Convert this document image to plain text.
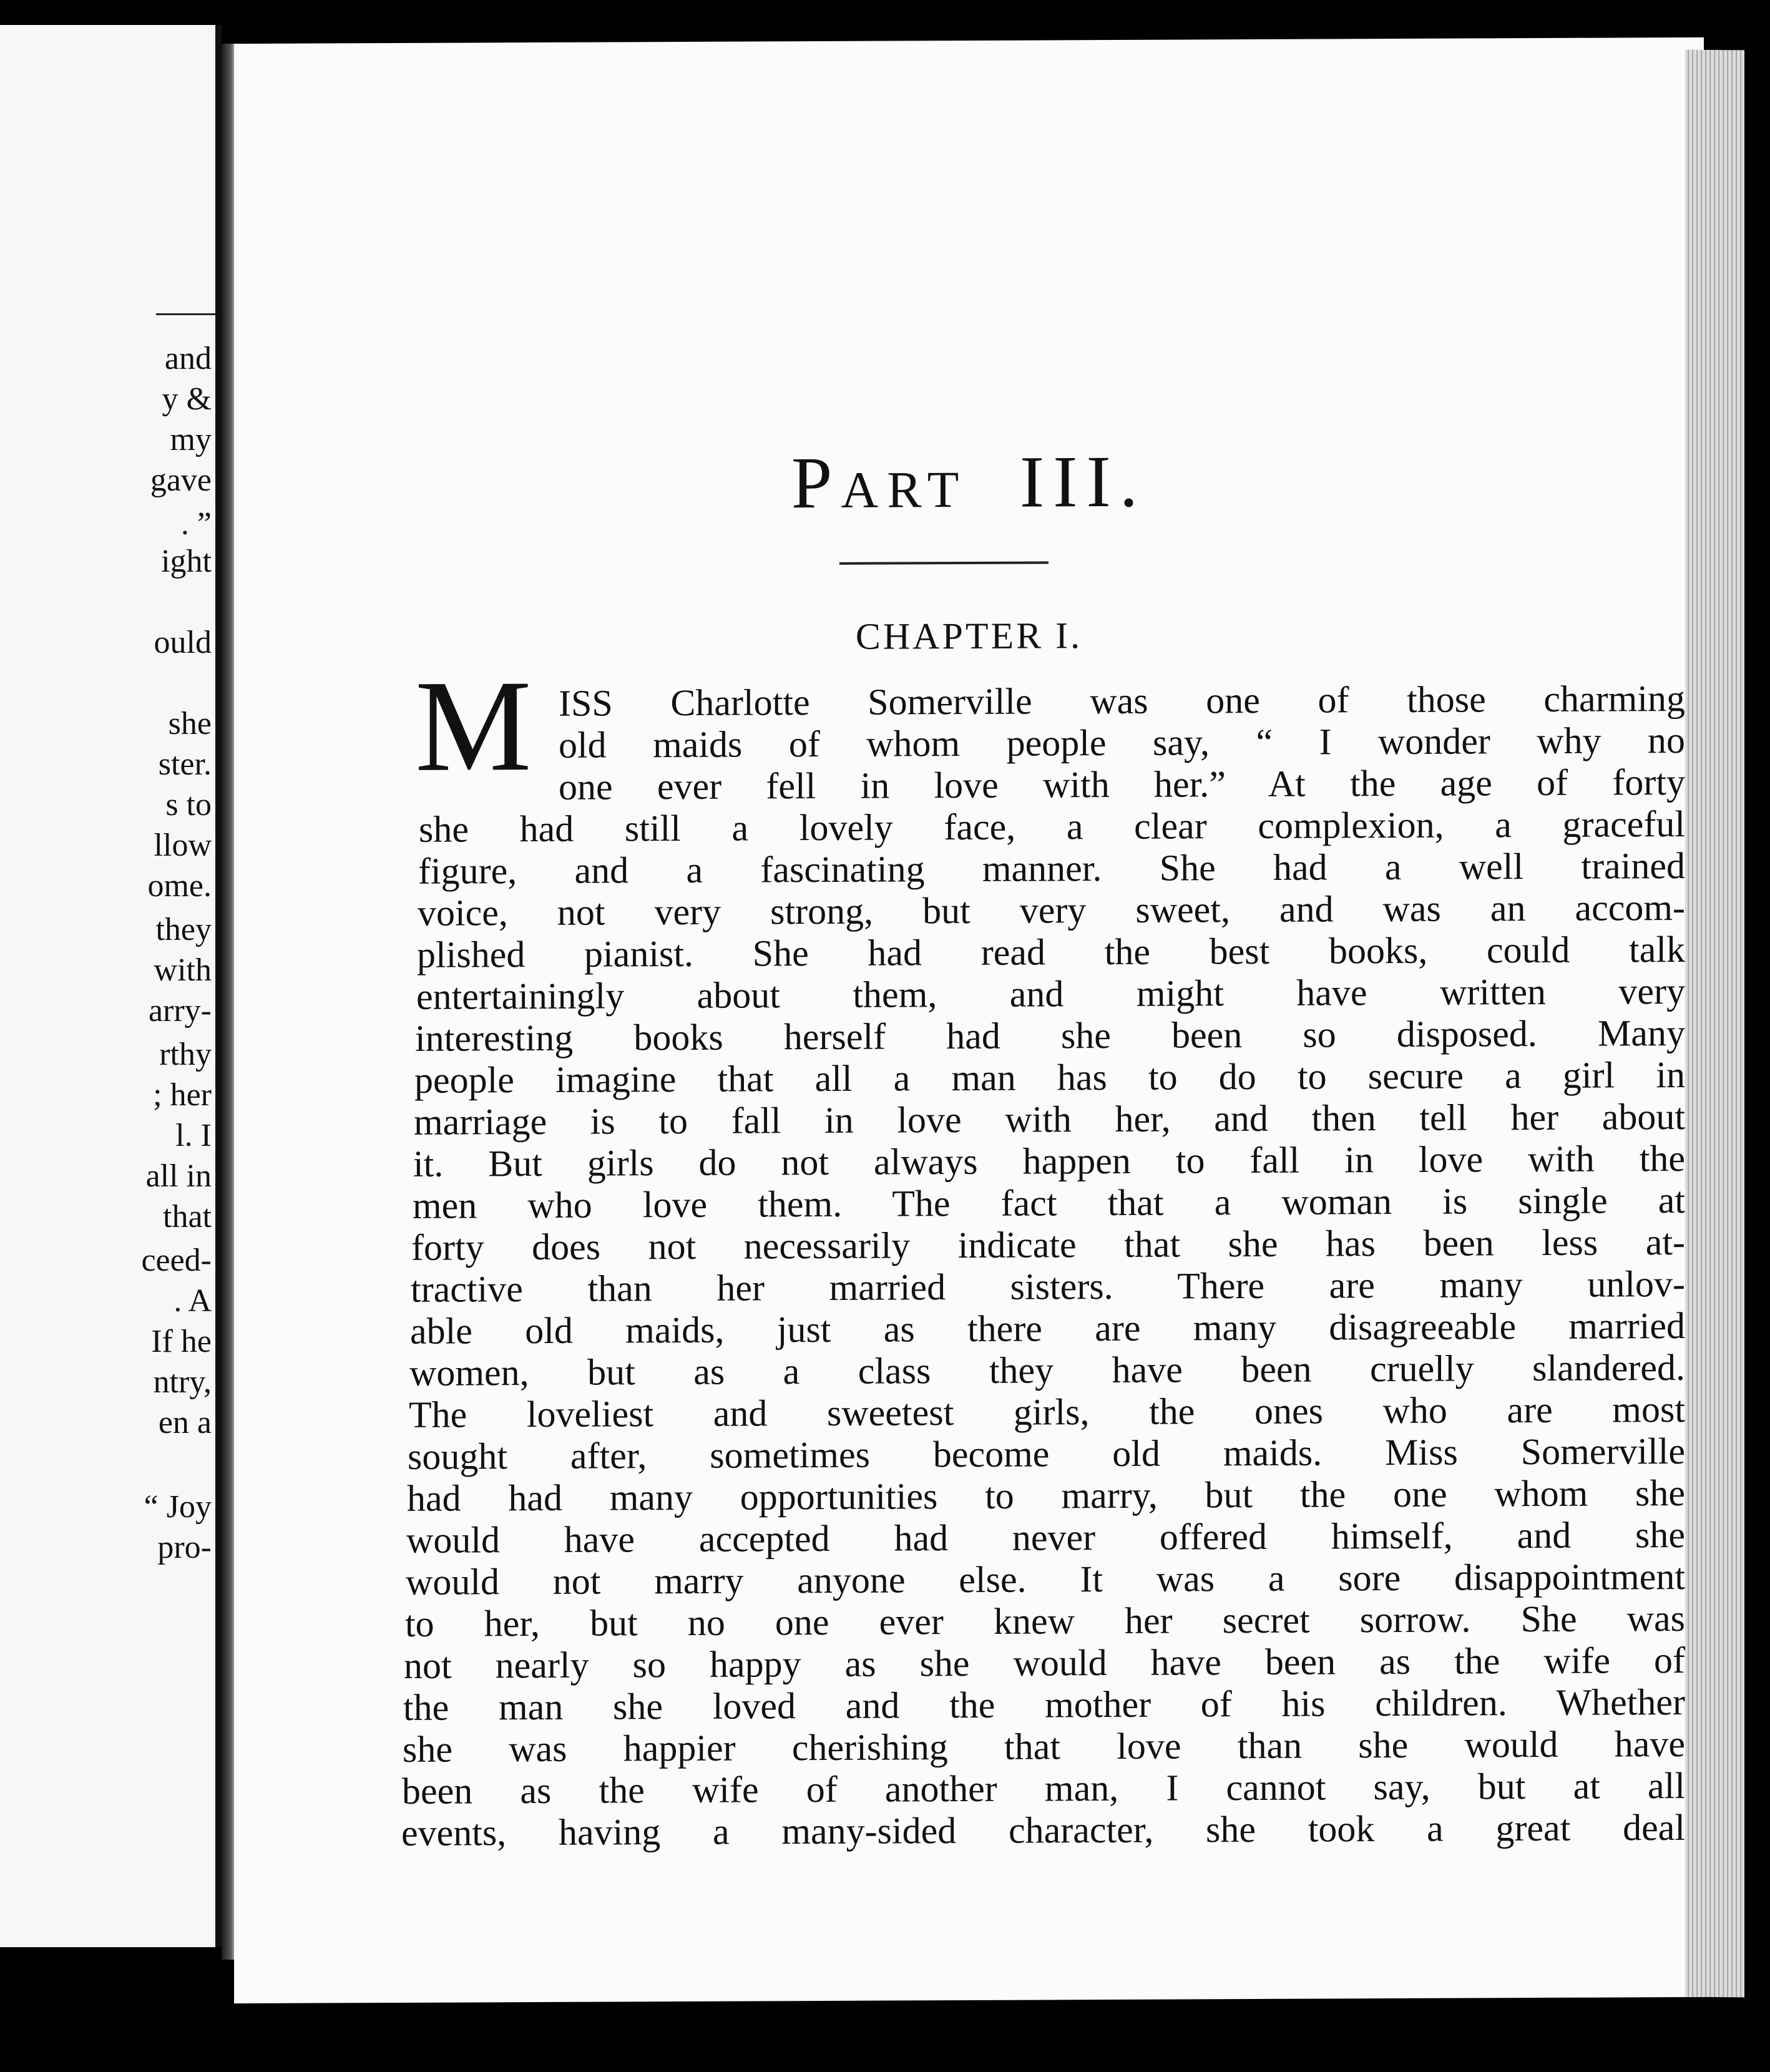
and
y &
my
gave
. ”
ight
ould
she
ster.
s to
llow
ome.
they
with
arry-
rthy
; her
l. I
all in
that
ceed-
. A
If he
ntry,
en a
“ Joy
pro-
Part III.
CHAPTER I.
M ISS Charlotte Somerville was one of those charming
old maids of whom people say, “ I wonder why no
one ever fell in love with her.” At the age of forty
she had still a lovely face, a clear complexion, a graceful
figure, and a fascinating manner. She had a well trained
voice, not very strong, but very sweet, and was an accom-
plished pianist. She had read the best books, could talk
entertainingly about them, and might have written very
interesting books herself had she been so disposed. Many
people imagine that all a man has to do to secure a girl in
marriage is to fall in love with her, and then tell her about
it. But girls do not always happen to fall in love with the
men who love them. The fact that a woman is single at
forty does not necessarily indicate that she has been less at-
tractive than her married sisters. There are many unlov-
able old maids, just as there are many disagreeable married
women, but as a class they have been cruelly slandered.
The loveliest and sweetest girls, the ones who are most
sought after, sometimes become old maids. Miss Somerville
had had many opportunities to marry, but the one whom she
would have accepted had never offered himself, and she
would not marry anyone else. It was a sore disappointment
to her, but no one ever knew her secret sorrow. She was
not nearly so happy as she would have been as the wife of
the man she loved and the mother of his children. Whether
she was happier cherishing that love than she would have
been as the wife of another man, I cannot say, but at all
events, having a many-sided character, she took a great deal
